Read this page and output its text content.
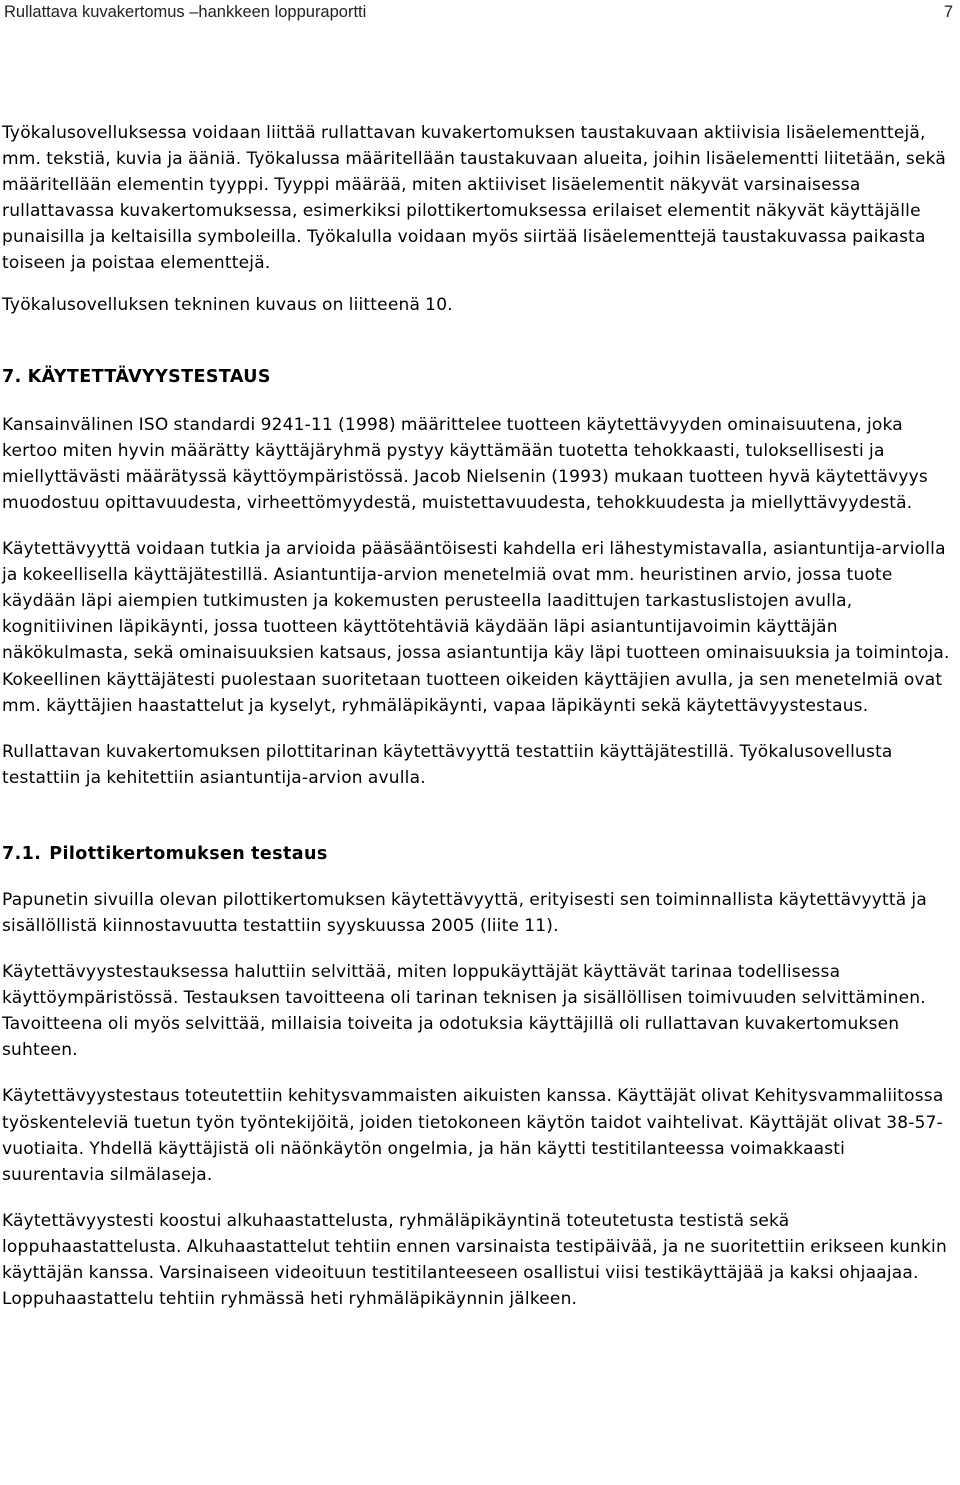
Rullattava kuvakertomus –hankkeen loppuraportti	7

Työkalusovelluksessa voidaan liittää rullattavan kuvakertomuksen taustakuvaan aktiivisia lisäelementtejä, mm. tekstiä, kuvia ja ääniä. Työkalussa määritellään taustakuvaan alueita, joihin lisäelementti liitetään, sekä määritellään elementin tyyppi. Tyyppi määrää, miten aktiiviset lisäelementit näkyvät varsinaisessa rullattavassa kuvakertomuksessa, esimerkiksi pilottikertomuksessa erilaiset elementit näkyvät käyttäjälle punaisilla ja keltaisilla symboleilla. Työkalulla voidaan myös siirtää lisäelementtejä taustakuvassa paikasta toiseen ja poistaa elementtejä.

Työkalusovelluksen tekninen kuvaus on liitteenä 10.

7. KÄYTETTÄVYYSTESTAUS

Kansainvälinen ISO standardi 9241-11 (1998) määrittelee tuotteen käytettävyyden ominaisuutena, joka kertoo miten hyvin määrätty käyttäjäryhmä pystyy käyttämään tuotetta tehokkaasti, tuloksellisesti ja miellyttävästi määrätyssä käyttöympäristössä. Jacob Nielsenin (1993) mukaan tuotteen hyvä käytettävyys muodostuu opittavuudesta, virheettömyydestä, muistettavuudesta, tehokkuudesta ja miellyttävyydestä.

Käytettävyyttä voidaan tutkia ja arvioida pääsääntöisesti kahdella eri lähestymistavalla, asiantuntija-arviolla ja kokeellisella käyttäjätestillä. Asiantuntija-arvion menetelmiä ovat mm. heuristinen arvio, jossa tuote käydään läpi aiempien tutkimusten ja kokemusten perusteella laadittujen tarkastuslistojen avulla, kognitiivinen läpikäynti, jossa tuotteen käyttötehtäviä käydään läpi asiantuntijavoimin käyttäjän näkökulmasta, sekä ominaisuuksien katsaus, jossa asiantuntija käy läpi tuotteen ominaisuuksia ja toimintoja. Kokeellinen käyttäjätesti puolestaan suoritetaan tuotteen oikeiden käyttäjien avulla, ja sen menetelmiä ovat mm. käyttäjien haastattelut ja kyselyt, ryhmäläpikäynti, vapaa läpikäynti sekä käytettävyystestaus.

Rullattavan kuvakertomuksen pilottitarinan käytettävyyttä testattiin käyttäjätestillä. Työkalusovellusta testattiin ja kehitettiin asiantuntija-arvion avulla.

7.1. Pilottikertomuksen testaus

Papunetin sivuilla olevan pilottikertomuksen käytettävyyttä, erityisesti sen toiminnallista käytettävyyttä ja sisällöllistä kiinnostavuutta testattiin syyskuussa 2005 (liite 11).

Käytettävyystestauksessa haluttiin selvittää, miten loppukäyttäjät käyttävät tarinaa todellisessa käyttöympäristössä. Testauksen tavoitteena oli tarinan teknisen ja sisällöllisen toimivuuden selvittäminen. Tavoitteena oli myös selvittää, millaisia toiveita ja odotuksia käyttäjillä oli rullattavan kuvakertomuksen suhteen.

Käytettävyystestaus toteutettiin kehitysvammaisten aikuisten kanssa. Käyttäjät olivat Kehitysvammaliitossa työskenteleviä tuetun työn työntekijöitä, joiden tietokoneen käytön taidot vaihtelivat. Käyttäjät olivat 38-57-vuotiaita. Yhdellä käyttäjistä oli näönkäytön ongelmia, ja hän käytti testitilanteessa voimakkaasti suurentavia silmälaseja.

Käytettävyystesti koostui alkuhaastattelusta, ryhmäläpikäyntinä toteutetusta testistä sekä loppuhaastattelusta. Alkuhaastattelut tehtiin ennen varsinaista testipäivää, ja ne suoritettiin erikseen kunkin käyttäjän kanssa. Varsinaiseen videoituun testitilanteeseen osallistui viisi testikäyttäjää ja kaksi ohjaajaa. Loppuhaastattelu tehtiin ryhmässä heti ryhmäläpikäynnin jälkeen.
